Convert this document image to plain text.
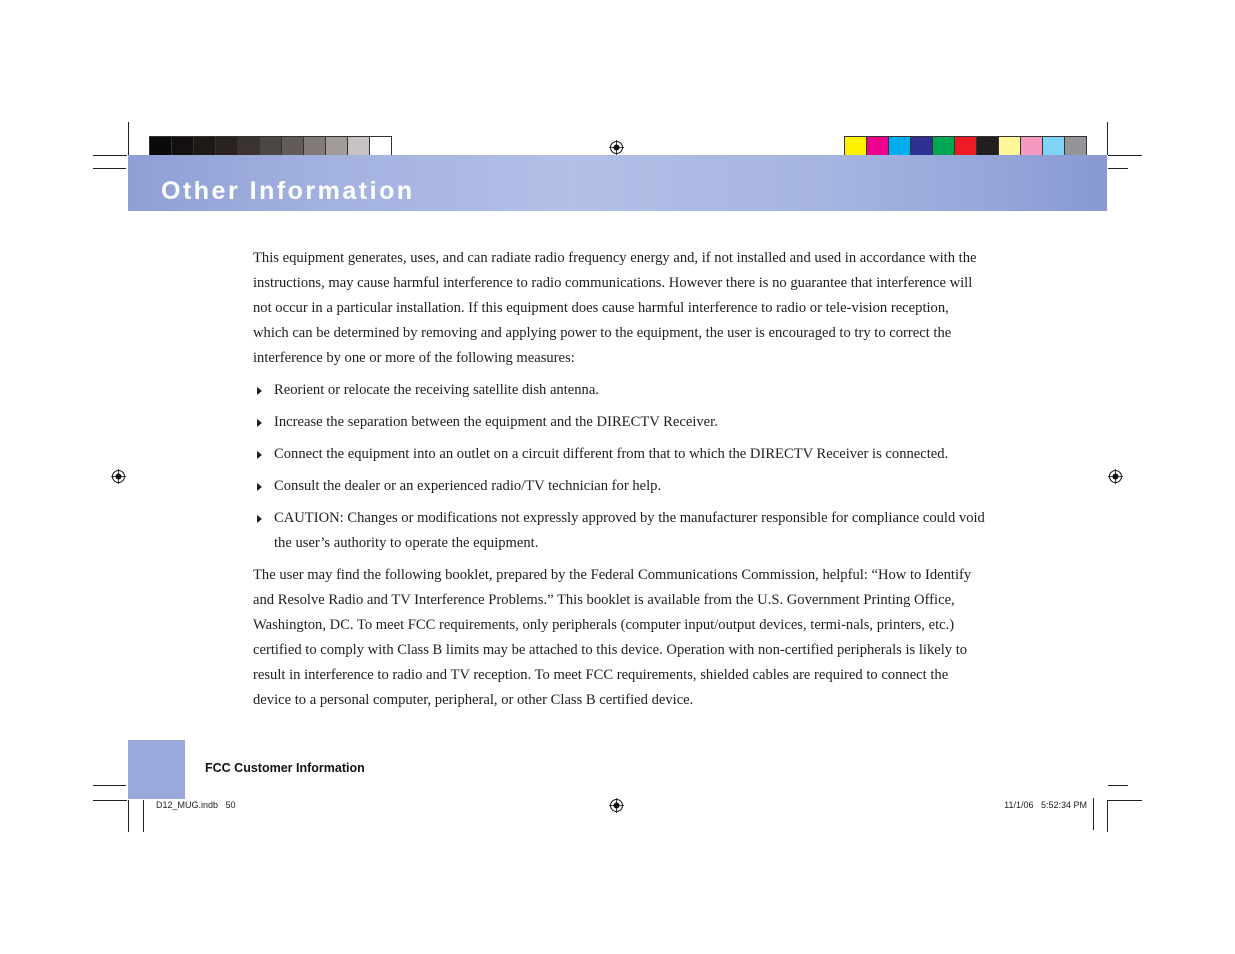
Other Information

This equipment generates, uses, and can radiate radio frequency energy and, if not installed and used in accordance with the instructions, may cause harmful interference to radio communications. However there is no guarantee that interference will not occur in a particular installation. If this equipment does cause harmful interference to radio or tele-vision reception, which can be determined by removing and applying power to the equipment, the user is encouraged to try to correct the interference by one or more of the following measures:

Reorient or relocate the receiving satellite dish antenna.

Increase the separation between the equipment and the DIRECTV Receiver.

Connect the equipment into an outlet on a circuit different from that to which the DIRECTV Receiver is connected.

Consult the dealer or an experienced radio/TV technician for help.

CAUTION: Changes or modifications not expressly approved by the manufacturer responsible for compliance could void the user’s authority to operate the equipment.

The user may find the following booklet, prepared by the Federal Communications Commission, helpful: “How to Identify and Resolve Radio and TV Interference Problems.” This booklet is available from the U.S. Government Printing Office, Washington, DC. To meet FCC requirements, only peripherals (computer input/output devices, termi-nals, printers, etc.) certified to comply with Class B limits may be attached to this device. Operation with non-certified peripherals is likely to result in interference to radio and TV reception. To meet FCC requirements, shielded cables are required to connect the device to a personal computer, peripheral, or other Class B certified device.

FCC Customer Information
D12_MUG.indb   50	11/1/06   5:52:34 PM
